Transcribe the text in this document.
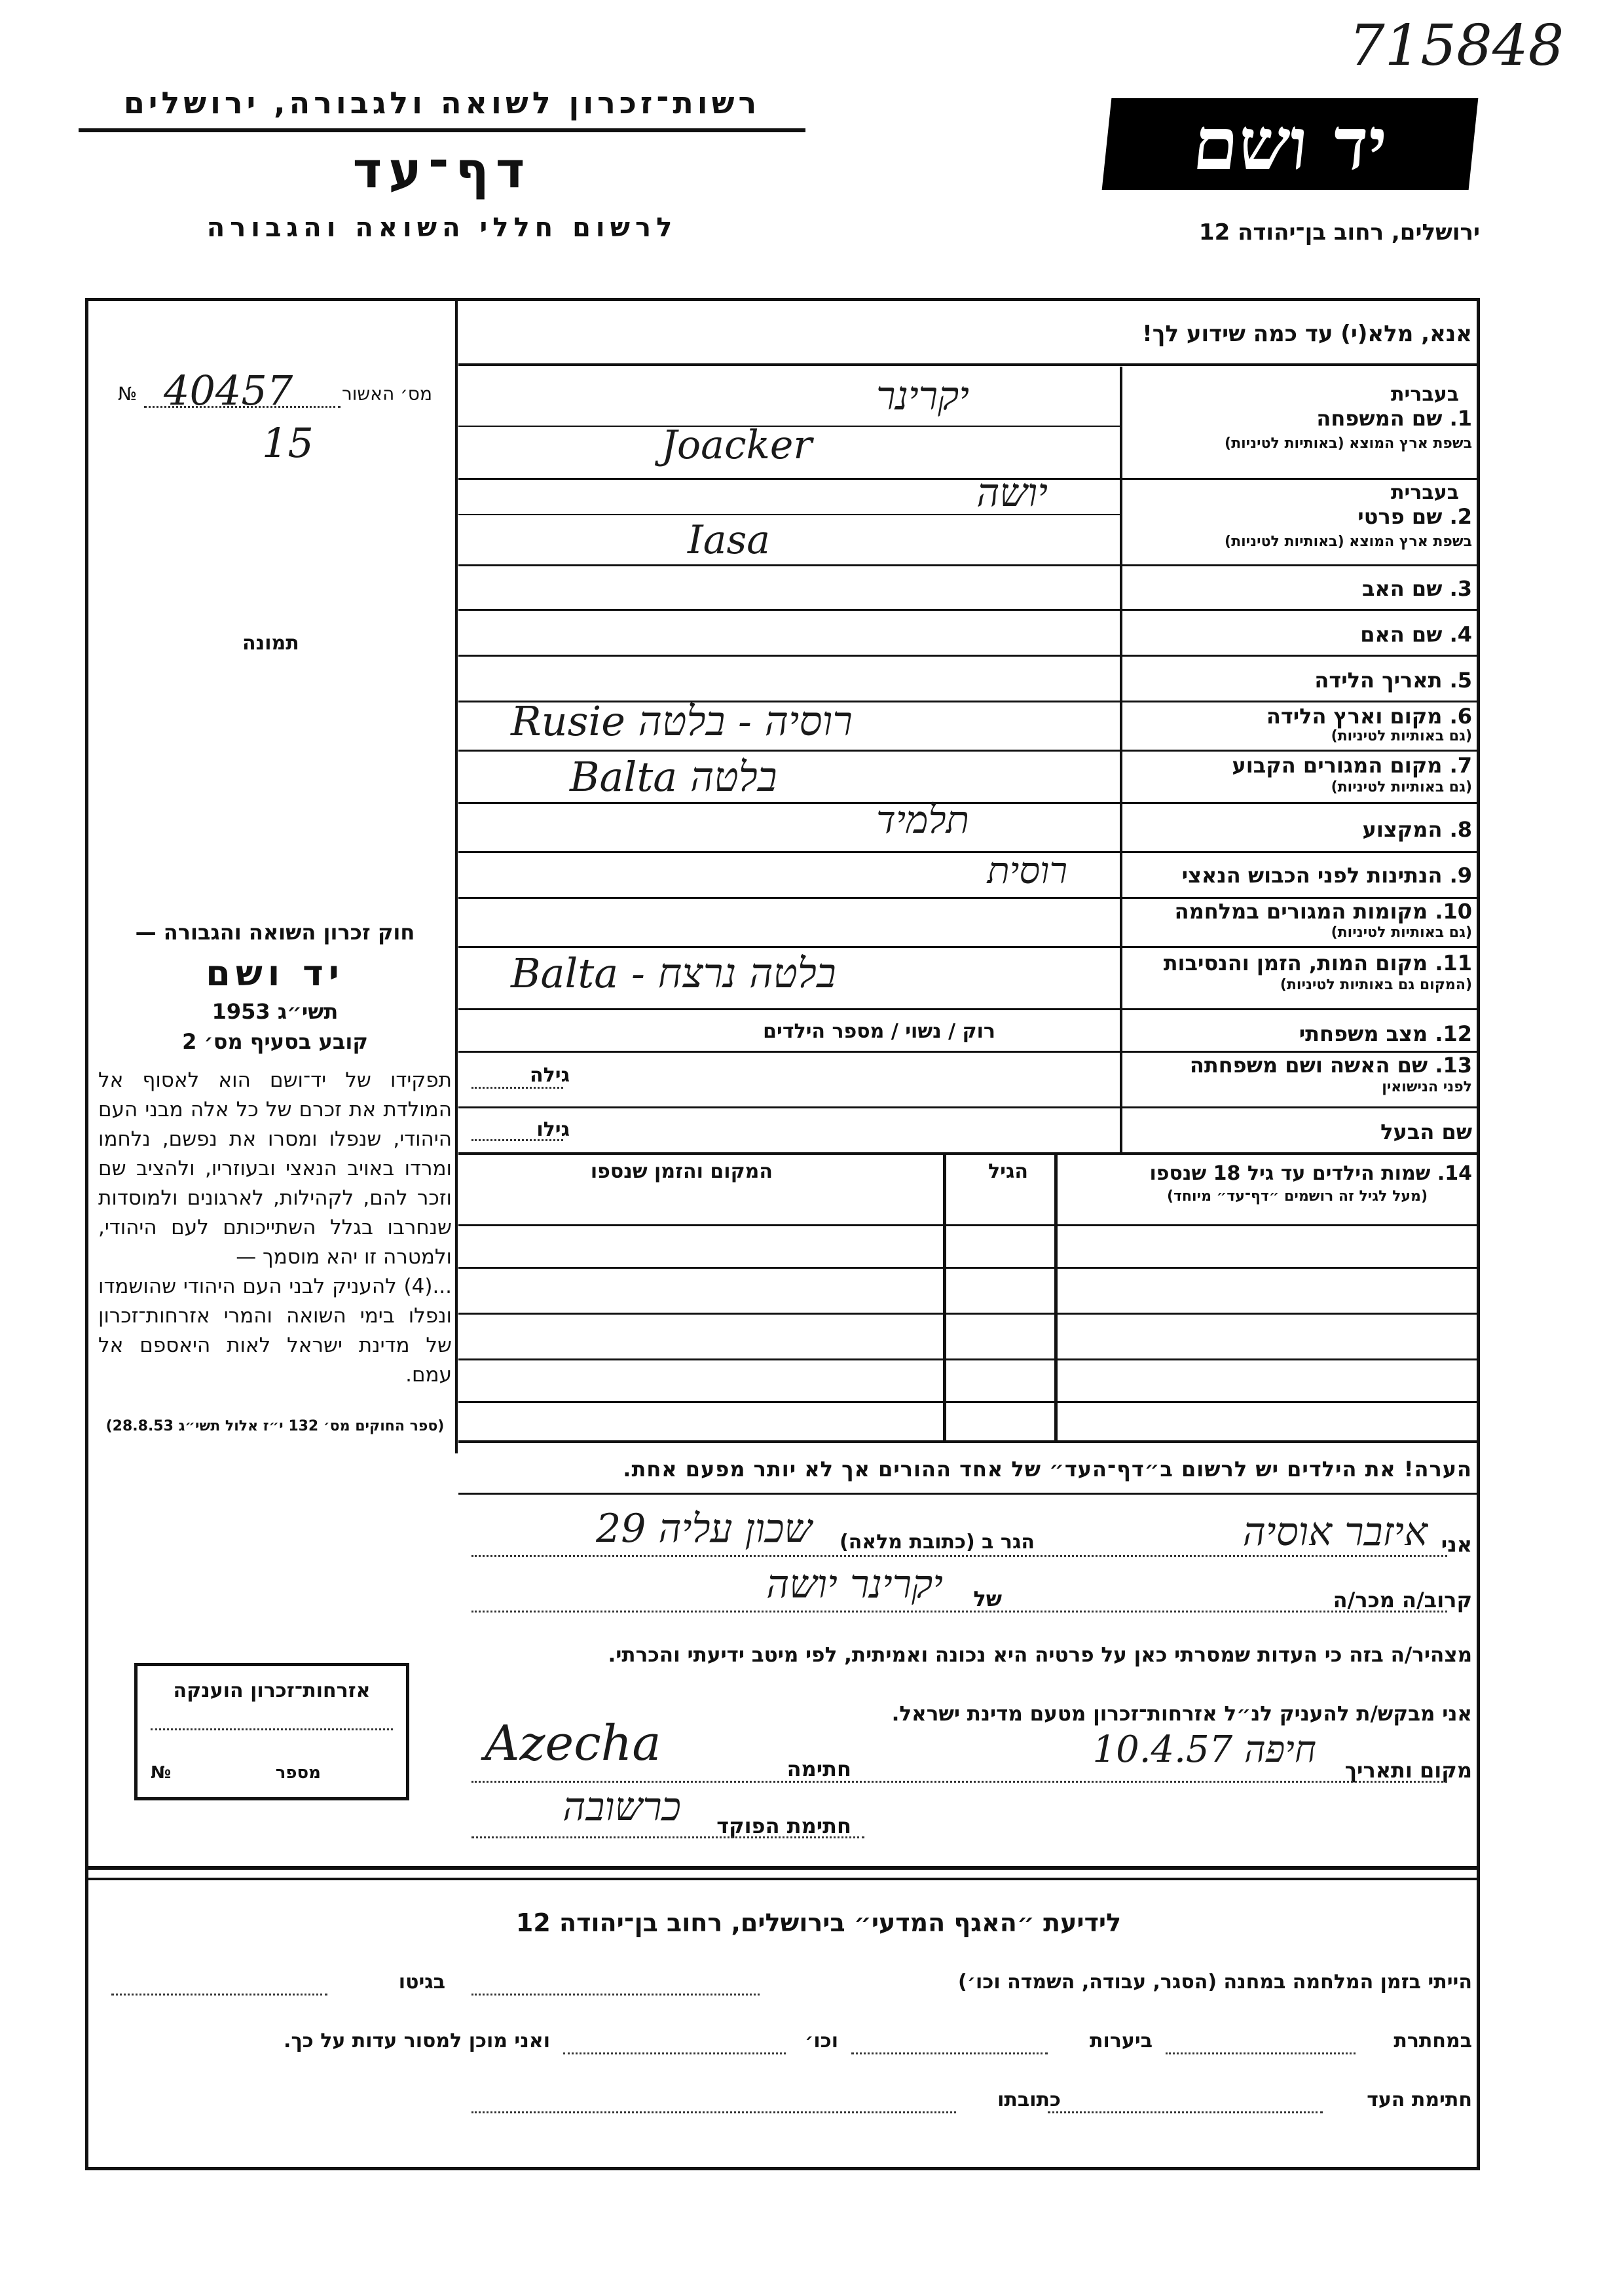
715848
רשות־זכרון לשואה ולגבורה, ירושלים
דף־עד
לרשום חללי השואה והגבורה
יד ושם
ירושלים, רחוב בן־יהודה 12
אנא, מלא(י) עד כמה שידוע לך!
מס׳ האשור
40457
№
15
תמונה
חוק זכרון השואה והגבורה —
יד ושם
תשי״ג 1953
קובע בסעיף מס׳ 2
תפקידו של יד־ושם הוא לאסוף אל המולדת את זכרם של כל אלה מבני העם היהודי, שנפלו ומסרו את נפשם, נלחמו ומרדו באויב הנאצי ובעוזריו, ולהציב שם וזכר להם, לקהילות, לארגונים ולמוסדות שנחרבו בגלל השתייכותם לעם היהודי, ולמטרה זו יהא מוסמך —
...(4) להעניק לבני העם היהודי שהושמדו ונפלו בימי השואה והמרי אזרחות־זכרון של מדינת ישראל לאות היאספם אל עמם.
(ספר החוקים מס׳ 132 י״ז אלול תשי״ג 28.8.53)
בעברית
1. שם המשפחה
בשפת ארץ המוצא (באותיות לטיניות)
יקרינר
Joacker
בעברית
2. שם פרטי
בשפת ארץ המוצא (באותיות לטיניות)
יושה
Iasa
3. שם האב
4. שם האם
5. תאריך הלידה
6. מקום וארץ הלידה
(גם באותיות לטיניות)
Rusie רוסיה - בלטה
7. מקום המגורים הקבוע
(גם באותיות לטיניות)
Balta בלטה
8. המקצוע
תלמיד
9. הנתינות לפני הכבוש הנאצי
רוסית
10. מקומות המגורים במלחמה
(גם באותיות לטיניות)
11. מקום המות, הזמן והנסיבות
(המקום גם באותיות לטיניות)
Balta - בלטה נרצח
12. מצב משפחתי
רוק / נשוי / מספר הילדים
13. שם האשה ושם משפחתה
לפני הנישואין
גילה
שם הבעל
גילו
14. שמות הילדים עד גיל 18 שנספו
(מעל לגיל זה רושמים ״דף־עד״ מיוחד)
הגיל
המקום והזמן שנספו
הערה! את הילדים יש לרשום ב״דף־העד״ של אחד ההורים אך לא יותר מפעם אחת.
אני
איזבר אוסיה
הגר ב (כתובת מלאה)
שכון עליה 29
קרוב/ה מכר/ה
של
יקרינר יושה
מצהיר/ה בזה כי העדות שמסרתי כאן על פרטיה היא נכונה ואמיתית, לפי מיטב ידיעתי והכרתי.
אני מבקש/ת להעניק לנ״ל אזרחות־זכרון מטעם מדינת ישראל.
מקום ותאריך
חיפה 10.4.57
חתימה
Azecha
חתימת הפוקד
כרשובה
אזרחות־זכרון הוענקה
מספר
№
לידיעת ״האגף המדעי״ בירושלים, רחוב בן־יהודה 12
הייתי בזמן המלחמה במחנה (הסגר, עבודה, השמדה וכו׳)
בגיטו
במחתרת
ביערות
וכו׳
ואני מוכן למסור עדות על כך.
חתימת העד
כתובתו
